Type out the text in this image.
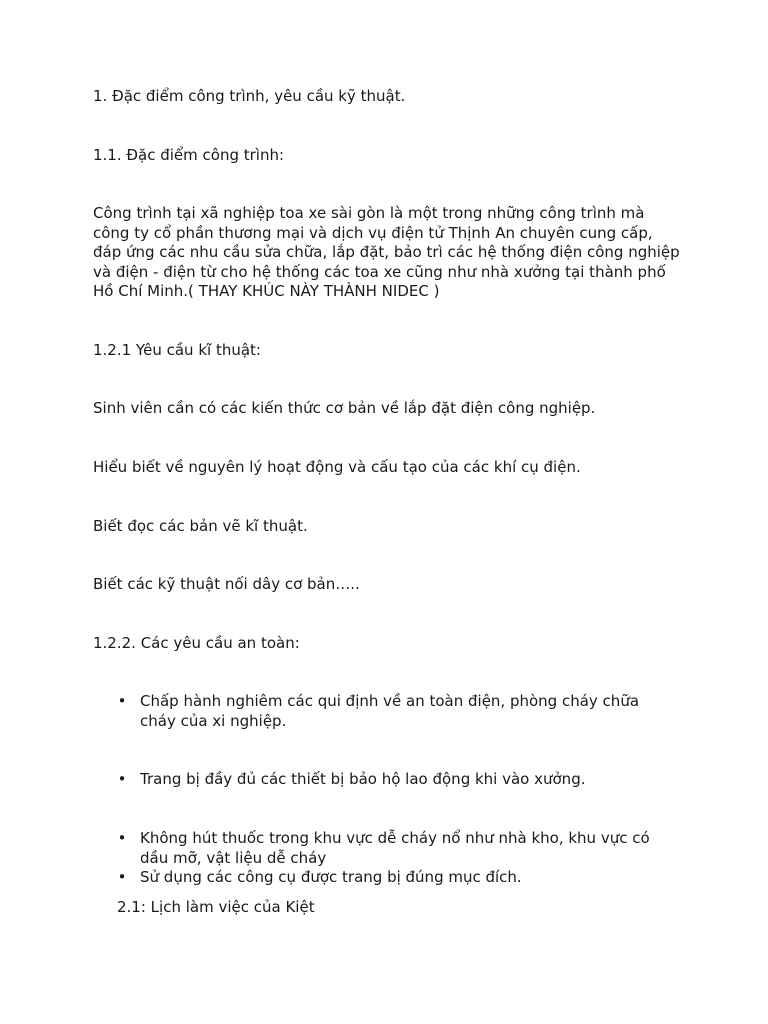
1. Đặc điểm công trình, yêu cầu kỹ thuật.

1.1. Đặc điểm công trình:

Công trình tại xã nghiệp toa xe sài gòn là một trong những công trình mà công ty cổ phần thương mại và dịch vụ điện tử Thịnh An chuyên cung cấp, đáp ứng các nhu cầu sửa chữa, lắp đặt, bảo trì các hệ thống điện công nghiệp và điện - điện từ cho hệ thống các toa xe cũng như nhà xưởng tại thành phố Hồ Chí Minh.( THAY KHÚC NÀY THÀNH NIDEC )

1.2.1 Yêu cầu kĩ thuật:

Sinh viên cần có các kiến thức cơ bản về lắp đặt điện công nghiệp.

Hiểu biết về nguyên lý hoạt động và cấu tạo của các khí cụ điện.

Biết đọc các bản vẽ kĩ thuật.

Biết các kỹ thuật nối dây cơ bản…..

1.2.2. Các yêu cầu an toàn:

• Chấp hành nghiêm các qui định về an toàn điện, phòng cháy chữa cháy của xi nghiệp.
• Trang bị đầy đủ các thiết bị bảo hộ lao động khi vào xưởng.
• Không hút thuốc trong khu vực dễ cháy nổ như nhà kho, khu vực có dầu mỡ, vật liệu dễ cháy
• Sử dụng các công cụ được trang bị đúng mục đích.

2.1: Lịch làm việc của Kiệt
